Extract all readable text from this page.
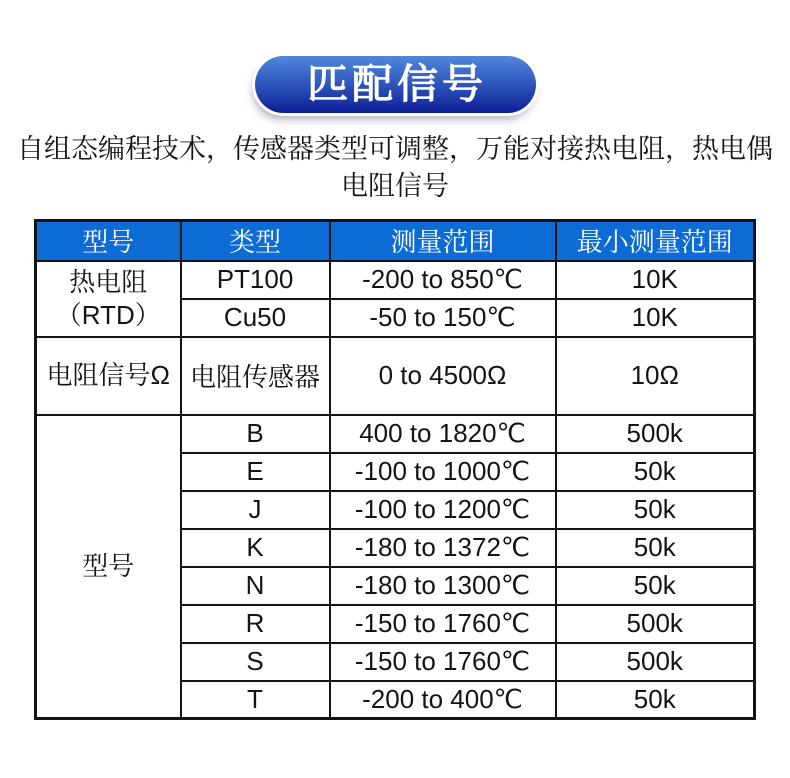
匹配信号
自组态编程技术，传感器类型可调整，万能对接热电阻，热电偶
电阻信号
型号	类型	测量范围	最小测量范围

热电阻
（RTD）	PT100	-200 to 850℃	10K
	Cu50	-50 to 150℃	10K

电阻信号Ω	电阻传感器	0 to 4500Ω	10Ω

型号	B	400 to 1820℃	500k
	E	-100 to 1000℃	50k
	J	-100 to 1200℃	50k
	K	-180 to 1372℃	50k
	N	-180 to 1300℃	50k
	R	-150 to 1760℃	500k
	S	-150 to 1760℃	500k
	T	-200 to 400℃	50k
